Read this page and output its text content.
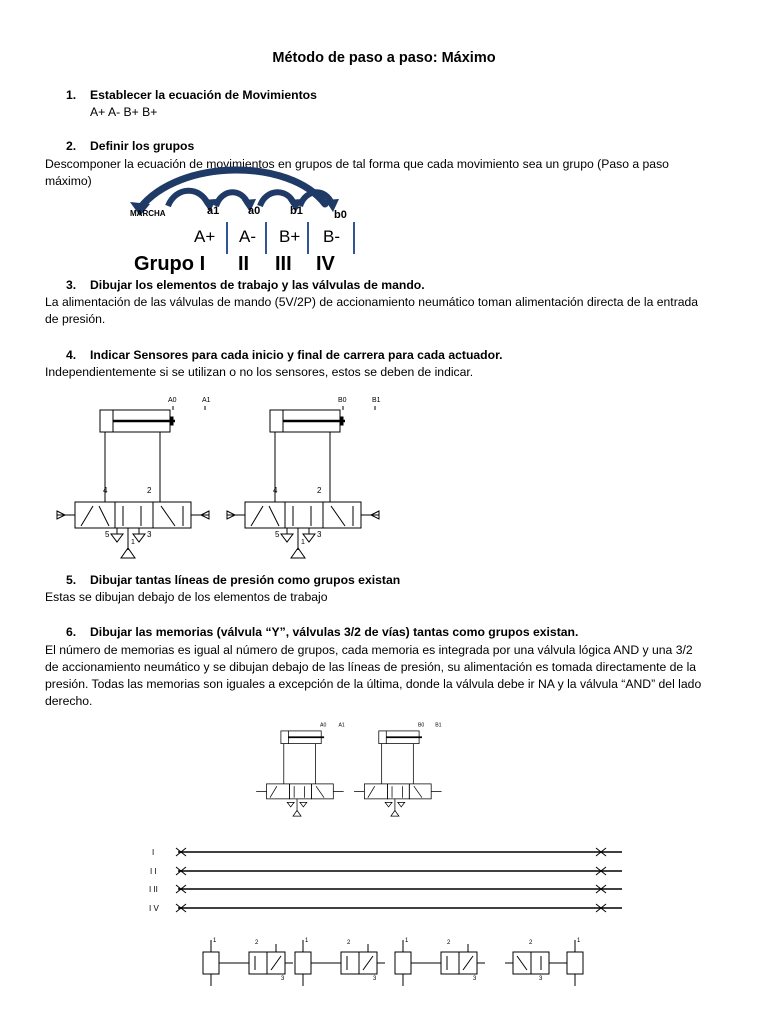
Método de paso a paso: Máximo
1. Establecer la ecuación de Movimientos
A+ A- B+ B+
2. Definir los grupos
Descomponer la ecuación de movimientos en grupos de tal forma que cada movimiento sea un grupo (Paso a paso máximo)
MARCHA	a1	a0	b1	b0
A+ A- B+ B-
Grupo I II III IV
3. Dibujar los elementos de trabajo y las válvulas de mando.
La alimentación de las válvulas de mando (5V/2P) de accionamiento neumático toman alimentación directa de la entrada de presión.
4. Indicar Sensores para cada inicio y final de carrera para cada actuador.
Independientemente si se utilizan o no los sensores, estos se deben de indicar.
A0	A1
4	2
5	3
1
B0	B1
4	2
5	3
1
5. Dibujar tantas líneas de presión como grupos existan
Estas se dibujan debajo de los elementos de trabajo
6. Dibujar las memorias (válvula “Y”, válvulas 3/2 de vías) tantas como grupos existan.
El número de memorias es igual al número de grupos, cada memoria es integrada por una válvula lógica AND y una 3/2 de accionamiento neumático y se dibujan debajo de las líneas de presión, su alimentación es tomada directamente de la presión. Todas las memorias son iguales a excepción de la última, donde la válvula debe ir NA y la válvula “AND” del lado derecho.
A0 A1	B0 B1
I
I I
I II
I V
1	2
3
1	2
3
1	2
3
1
2
3
